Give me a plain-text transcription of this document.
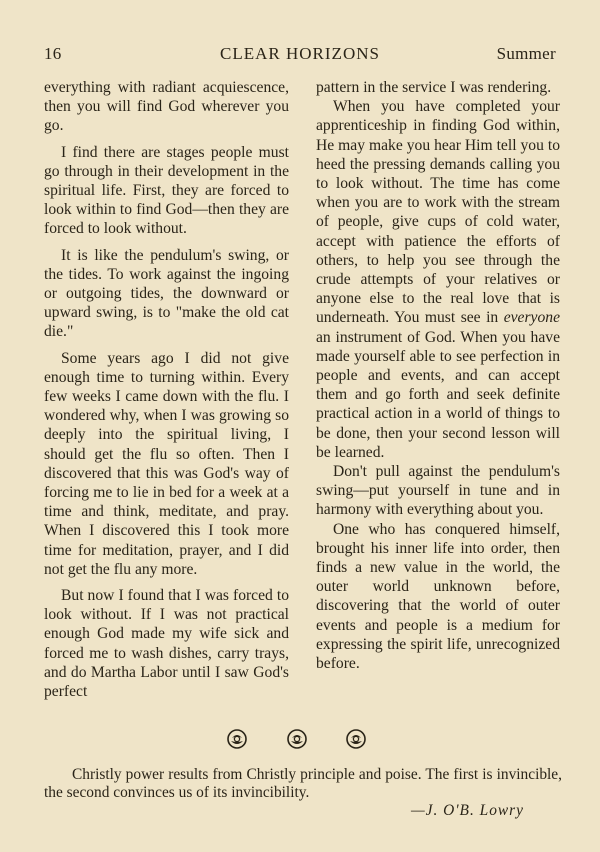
16	CLEAR HORIZONS	Summer

everything with radiant acquiescence, then you will find God wherever you go.

I find there are stages people must go through in their development in the spiritual life. First, they are forced to look within to find God—then they are forced to look without.

It is like the pendulum's swing, or the tides. To work against the ingoing or outgoing tides, the downward or upward swing, is to "make the old cat die."

Some years ago I did not give enough time to turning within. Every few weeks I came down with the flu. I wondered why, when I was growing so deeply into the spiritual living, I should get the flu so often. Then I discovered that this was God's way of forcing me to lie in bed for a week at a time and think, meditate, and pray. When I discovered this I took more time for meditation, prayer, and I did not get the flu any more.

But now I found that I was forced to look without. If I was not practical enough God made my wife sick and forced me to wash dishes, carry trays, and do Martha Labor until I saw God's perfect

pattern in the service I was rendering.

When you have completed your apprenticeship in finding God within, He may make you hear Him tell you to heed the pressing demands calling you to look without. The time has come when you are to work with the stream of people, give cups of cold water, accept with patience the efforts of others, to help you see through the crude attempts of your relatives or anyone else to the real love that is underneath. You must see in everyone an instrument of God. When you have made yourself able to see perfection in people and events, and can accept them and go forth and seek definite practical action in a world of things to be done, then your second lesson will be learned.

Don't pull against the pendulum's swing—put yourself in tune and in harmony with everything about you.

One who has conquered himself, brought his inner life into order, then finds a new value in the world, the outer world unknown before, discovering that the world of outer events and people is a medium for expressing the spirit life, unrecognized before.

Christly power results from Christly principle and poise. The first is invincible, the second convinces us of its invincibility.

—J. O'B. Lowry
